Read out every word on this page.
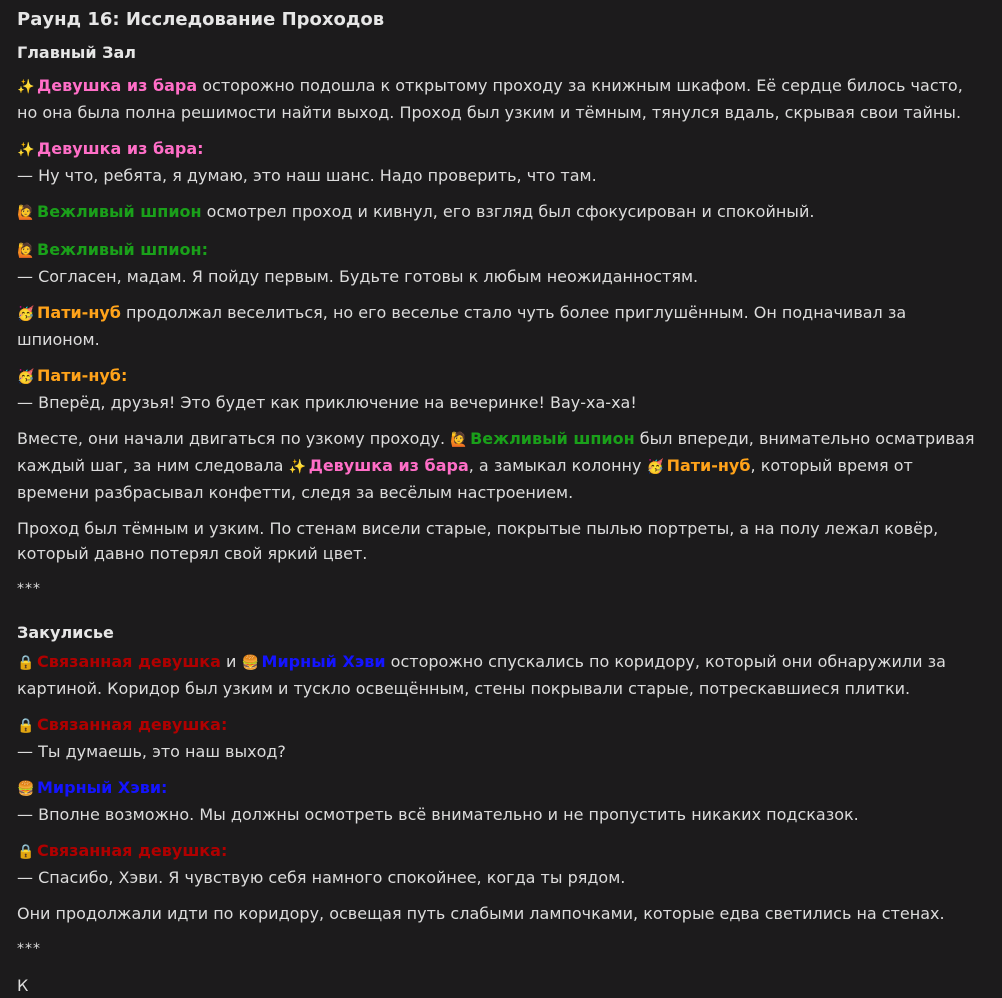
Раунд 16: Исследование Проходов
Главный Зал

✨ Девушка из бара осторожно подошла к открытому проходу за книжным шкафом. Её сердце билось часто, но она была полна решимости найти выход. Проход был узким и тёмным, тянулся вдаль, скрывая свои тайны.

✨ Девушка из бара:

— Ну что, ребята, я думаю, это наш шанс. Надо проверить, что там.

🙋 Вежливый шпион осмотрел проход и кивнул, его взгляд был сфокусирован и спокойный.

🙋 Вежливый шпион:

— Согласен, мадам. Я пойду первым. Будьте готовы к любым неожиданностям.

🥳 Пати-нуб продолжал веселиться, но его веселье стало чуть более приглушённым. Он подначивал за шпионом.

🥳 Пати-нуб:

— Вперёд, друзья! Это будет как приключение на вечеринке! Вау-ха-ха!

Вместе, они начали двигаться по узкому проходу. 🙋 Вежливый шпион был впереди, внимательно осматривая каждый шаг, за ним следовала ✨ Девушка из бара, а замыкал колонну 🥳 Пати-нуб, который время от времени разбрасывал конфетти, следя за весёлым настроением.

Проход был тёмным и узким. По стенам висели старые, покрытые пылью портреты, а на полу лежал ковёр, который давно потерял свой яркий цвет.

***

Закулисье

🔒 Связанная девушка и 🍔 Мирный Хэви осторожно спускались по коридору, который они обнаружили за картиной. Коридор был узким и тускло освещённым, стены покрывали старые, потрескавшиеся плитки.

🔒 Связанная девушка:

— Ты думаешь, это наш выход?

🍔 Мирный Хэви:

— Вполне возможно. Мы должны осмотреть всё внимательно и не пропустить никаких подсказок.

🔒 Связанная девушка:

— Спасибо, Хэви. Я чувствую себя намного спокойнее, когда ты рядом.

Они продолжали идти по коридору, освещая путь слабыми лампочками, которые едва светились на стенах.

***

К
